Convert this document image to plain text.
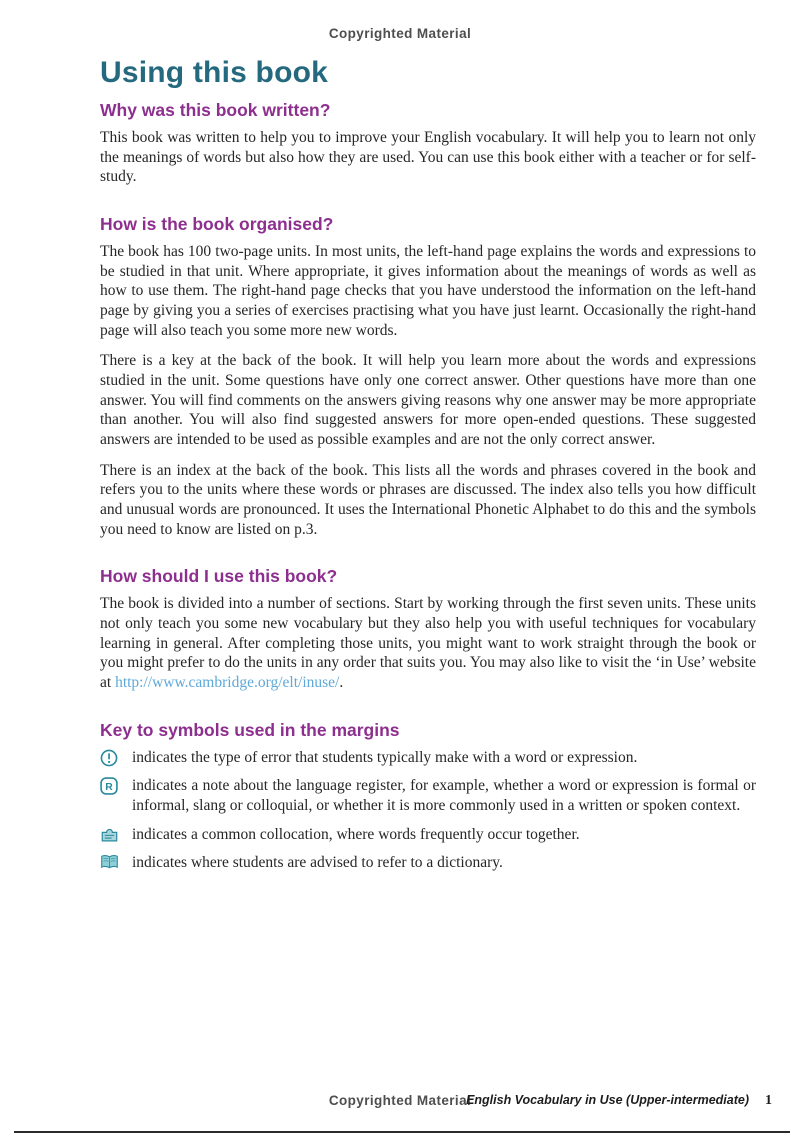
Copyrighted Material
Using this book
Why was this book written?

This book was written to help you to improve your English vocabulary. It will help you to learn not only the meanings of words but also how they are used. You can use this book either with a teacher or for self-study.

How is the book organised?

The book has 100 two-page units. In most units, the left-hand page explains the words and expressions to be studied in that unit. Where appropriate, it gives information about the meanings of words as well as how to use them. The right-hand page checks that you have understood the information on the left-hand page by giving you a series of exercises practising what you have just learnt. Occasionally the right-hand page will also teach you some more new words.

There is a key at the back of the book. It will help you learn more about the words and expressions studied in the unit. Some questions have only one correct answer. Other questions have more than one answer. You will find comments on the answers giving reasons why one answer may be more appropriate than another. You will also find suggested answers for more open-ended questions. These suggested answers are intended to be used as possible examples and are not the only correct answer.

There is an index at the back of the book. This lists all the words and phrases covered in the book and refers you to the units where these words or phrases are discussed. The index also tells you how difficult and unusual words are pronounced. It uses the International Phonetic Alphabet to do this and the symbols you need to know are listed on p.3.

How should I use this book?

The book is divided into a number of sections. Start by working through the first seven units. These units not only teach you some new vocabulary but they also help you with useful techniques for vocabulary learning in general. After completing those units, you might want to work straight through the book or you might prefer to do the units in any order that suits you. You may also like to visit the ‘in Use’ website at http://www.cambridge.org/elt/inuse/.

Key to symbols used in the margins
indicates the type of error that students typically make with a word or expression.
R indicates a note about the language register, for example, whether a word or expression is formal or informal, slang or colloquial, or whether it is more commonly used in a written or spoken context.
indicates a common collocation, where words frequently occur together.
indicates where students are advised to refer to a dictionary.
Copyrighted Material
English Vocabulary in Use (Upper-intermediate) 1
